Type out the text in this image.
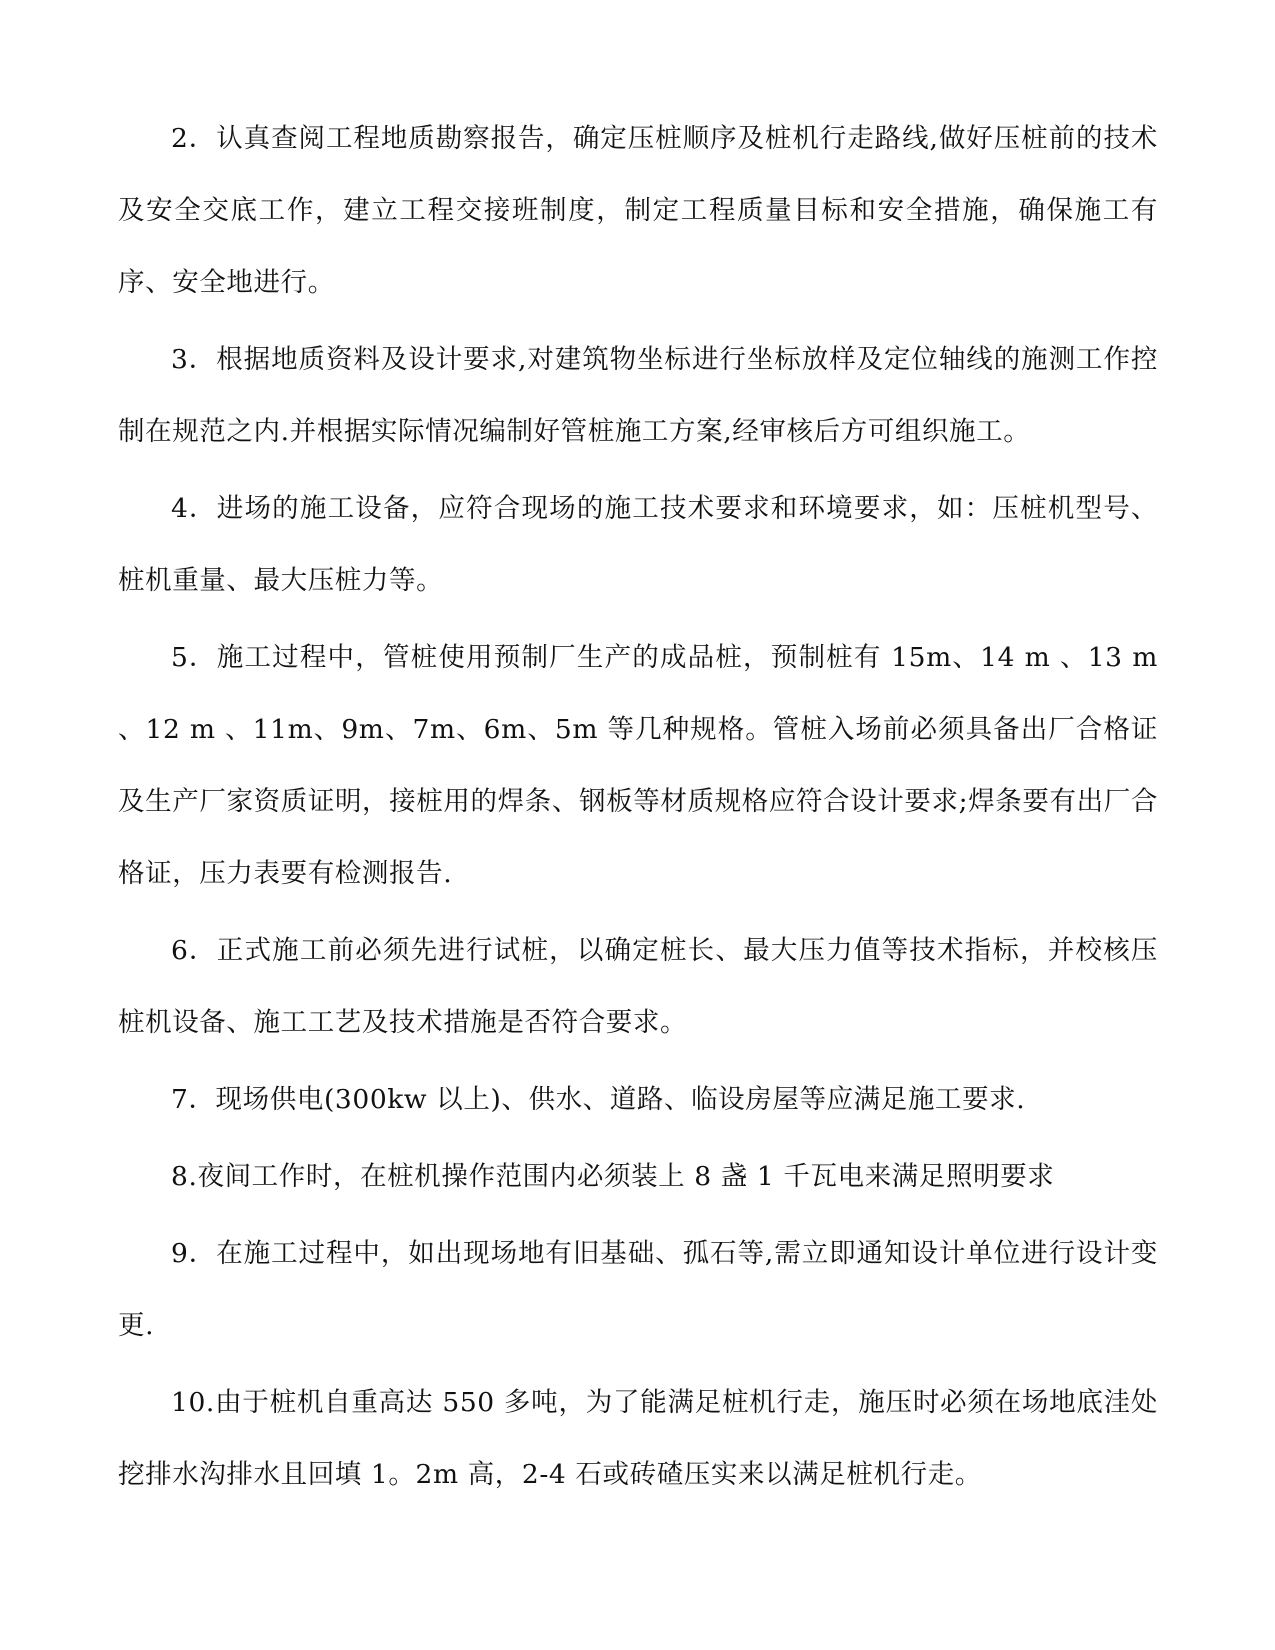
2．认真查阅工程地质勘察报告，确定压桩顺序及桩机行走路线,做好压桩前的技术及安全交底工作，建立工程交接班制度，制定工程质量目标和安全措施，确保施工有序、安全地进行。

3．根据地质资料及设计要求,对建筑物坐标进行坐标放样及定位轴线的施测工作控制在规范之内.并根据实际情况编制好管桩施工方案,经审核后方可组织施工。

4．进场的施工设备，应符合现场的施工技术要求和环境要求，如：压桩机型号、桩机重量、最大压桩力等。

5．施工过程中，管桩使用预制厂生产的成品桩，预制桩有 15m、14 m 、13 m 、12 m 、11m、9m、7m、6m、5m 等几种规格。管桩入场前必须具备出厂合格证及生产厂家资质证明，接桩用的焊条、钢板等材质规格应符合设计要求;焊条要有出厂合格证，压力表要有检测报告.

6．正式施工前必须先进行试桩，以确定桩长、最大压力值等技术指标，并校核压桩机设备、施工工艺及技术措施是否符合要求。

7．现场供电(300kw 以上)、供水、道路、临设房屋等应满足施工要求.

8.夜间工作时，在桩机操作范围内必须装上 8 盏 1 千瓦电来满足照明要求

9．在施工过程中，如出现场地有旧基础、孤石等,需立即通知设计单位进行设计变更.

10.由于桩机自重高达 550 多吨，为了能满足桩机行走，施压时必须在场地底洼处挖排水沟排水且回填 1。2m 高，2-4 石或砖碴压实来以满足桩机行走。
